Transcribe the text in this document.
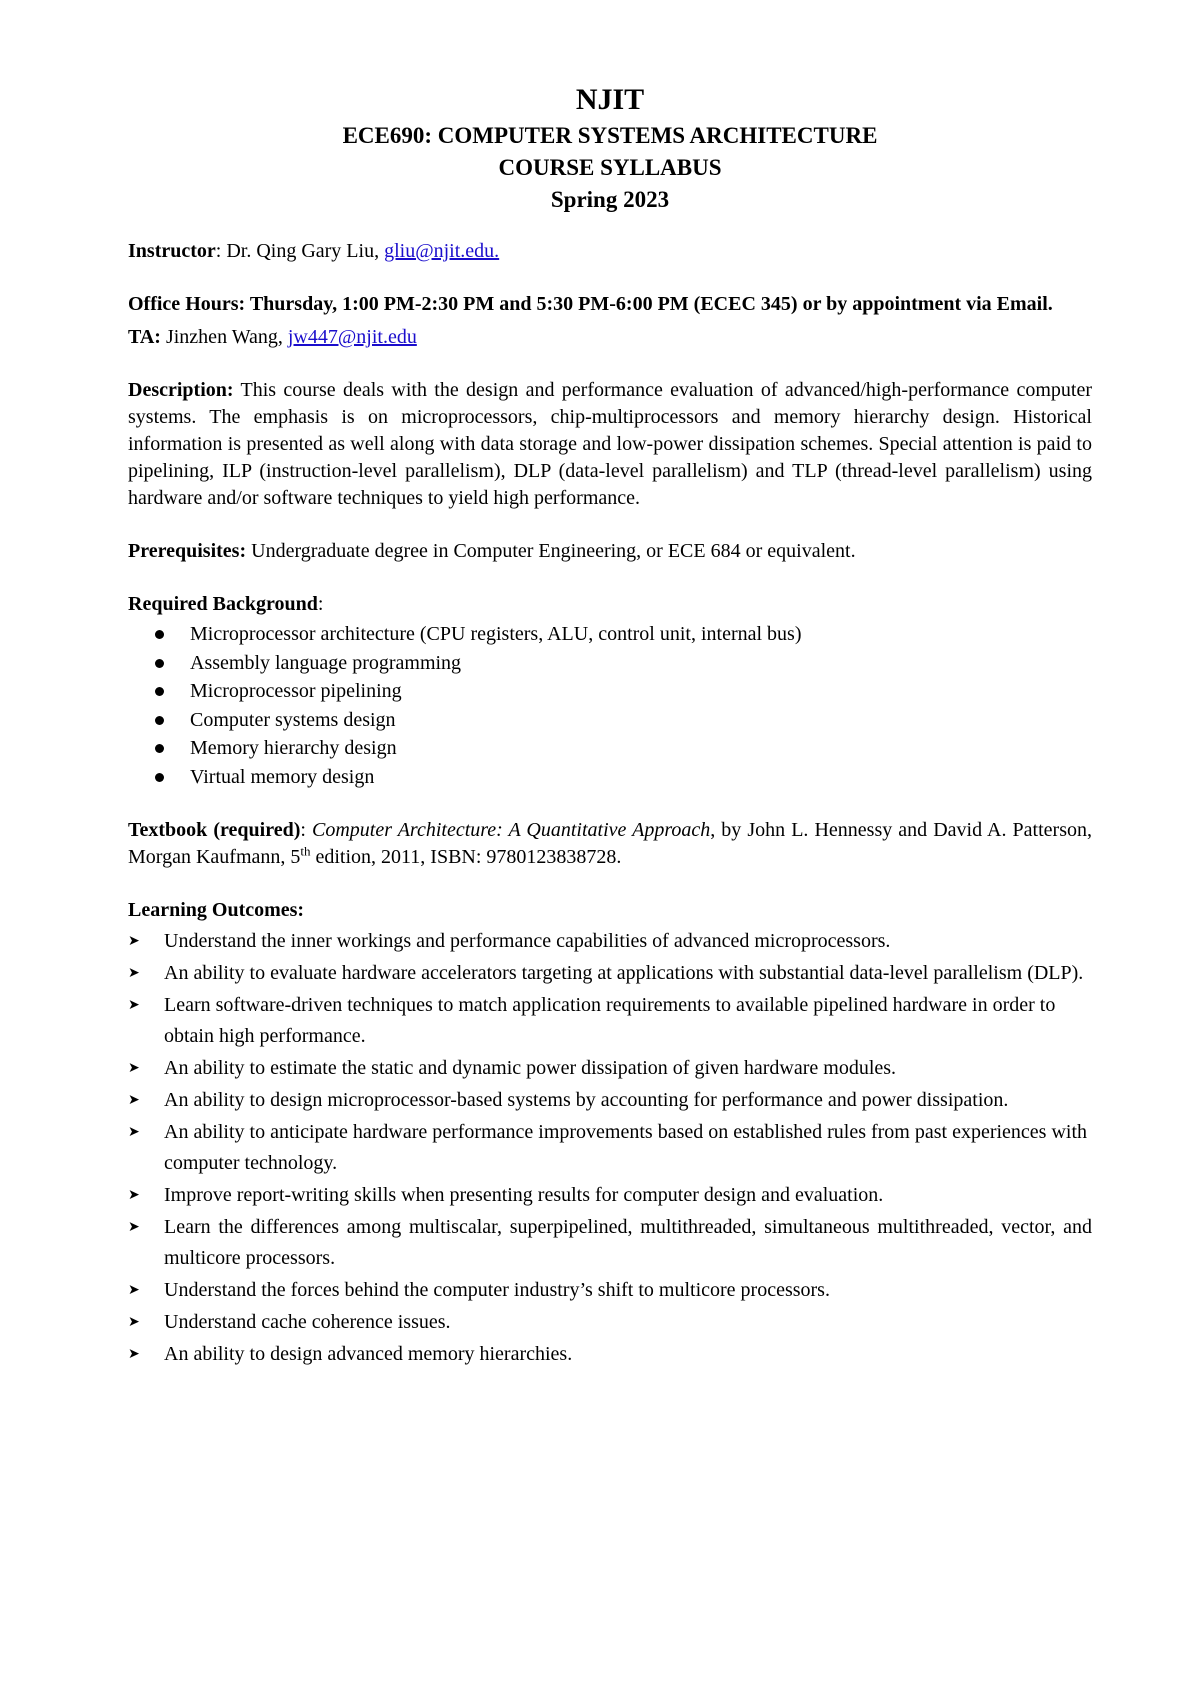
NJIT
ECE690: COMPUTER SYSTEMS ARCHITECTURE
COURSE SYLLABUS
Spring 2023

Instructor: Dr. Qing Gary Liu, gliu@njit.edu.

Office Hours: Thursday, 1:00 PM-2:30 PM and 5:30 PM-6:00 PM (ECEC 345) or by appointment via Email.

TA: Jinzhen Wang, jw447@njit.edu

Description: This course deals with the design and performance evaluation of advanced/high-performance computer systems. The emphasis is on microprocessors, chip-multiprocessors and memory hierarchy design. Historical information is presented as well along with data storage and low-power dissipation schemes. Special attention is paid to pipelining, ILP (instruction-level parallelism), DLP (data-level parallelism) and TLP (thread-level parallelism) using hardware and/or software techniques to yield high performance.

Prerequisites: Undergraduate degree in Computer Engineering, or ECE 684 or equivalent.

Required Background:
Microprocessor architecture (CPU registers, ALU, control unit, internal bus)
Assembly language programming
Microprocessor pipelining
Computer systems design
Memory hierarchy design
Virtual memory design

Textbook (required): Computer Architecture: A Quantitative Approach, by John L. Hennessy and David A. Patterson, Morgan Kaufmann, 5th edition, 2011, ISBN: 9780123838728.

Learning Outcomes:
➤ Understand the inner workings and performance capabilities of advanced microprocessors.
➤ An ability to evaluate hardware accelerators targeting at applications with substantial data-level parallelism (DLP).
➤ Learn software-driven techniques to match application requirements to available pipelined hardware in order to obtain high performance.
➤ An ability to estimate the static and dynamic power dissipation of given hardware modules.
➤ An ability to design microprocessor-based systems by accounting for performance and power dissipation.
➤ An ability to anticipate hardware performance improvements based on established rules from past experiences with computer technology.
➤ Improve report-writing skills when presenting results for computer design and evaluation.
➤ Learn the differences among multiscalar, superpipelined, multithreaded, simultaneous multithreaded, vector, and multicore processors.
➤ Understand the forces behind the computer industry’s shift to multicore processors.
➤ Understand cache coherence issues.
➤ An ability to design advanced memory hierarchies.
